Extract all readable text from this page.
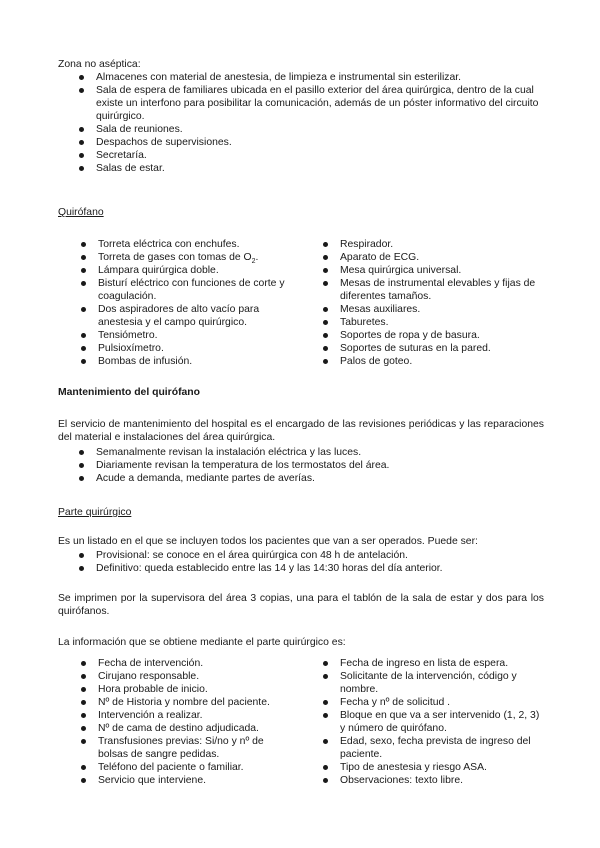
Zona no aséptica:

Almacenes con material de anestesia, de limpieza e instrumental sin esterilizar.
Sala de espera de familiares ubicada en el pasillo exterior del área quirúrgica, dentro de la cual existe un interfono para posibilitar la comunicación, además de un póster informativo del circuito quirúrgico.
Sala de reuniones.
Despachos de supervisiones.
Secretaría.
Salas de estar.

Quirófano

Torreta eléctrica con enchufes.
Torreta de gases con tomas de $O_2$.
Lámpara quirúrgica doble.
Bisturí eléctrico con funciones de corte y coagulación.
Dos aspiradores de alto vacío para anestesia y el campo quirúrgico.
Tensiómetro.
Pulsioxímetro.
Bombas de infusión.
Respirador.
Aparato de ECG.
Mesa quirúrgica universal.
Mesas de instrumental elevables y fijas de diferentes tamaños.
Mesas auxiliares.
Taburetes.
Soportes de ropa y de basura.
Soportes de suturas en la pared.
Palos de goteo.

Mantenimiento del quirófano

El servicio de mantenimiento del hospital es el encargado de las revisiones periódicas y las reparaciones del material e instalaciones del área quirúrgica.

Semanalmente revisan la instalación eléctrica y las luces.
Diariamente revisan la temperatura de los termostatos del área.
Acude a demanda, mediante partes de averías.

Parte quirúrgico

Es un listado en el que se incluyen todos los pacientes que van a ser operados. Puede ser:

Provisional: se conoce en el área quirúrgica con 48 h de antelación.
Definitivo: queda establecido entre las 14 y las 14:30 horas del día anterior.

Se imprimen por la supervisora del área 3 copias, una para el tablón de la sala de estar y dos para los quirófanos.

La información que se obtiene mediante el parte quirúrgico es:

Fecha de intervención.
Cirujano responsable.
Hora probable de inicio.
Nº de Historia y nombre del paciente.
Intervención a realizar.
Nº de cama de destino adjudicada.
Transfusiones previas: Si/no y nº de bolsas de sangre pedidas.
Teléfono del paciente o familiar.
Servicio que interviene.
Fecha de ingreso en lista de espera.
Solicitante de la intervención, código y nombre.
Fecha y nº de solicitud .
Bloque en que va a ser intervenido (1, 2, 3) y número de quirófano.
Edad, sexo, fecha prevista de ingreso del paciente.
Tipo de anestesia y riesgo ASA.
Observaciones: texto libre.
